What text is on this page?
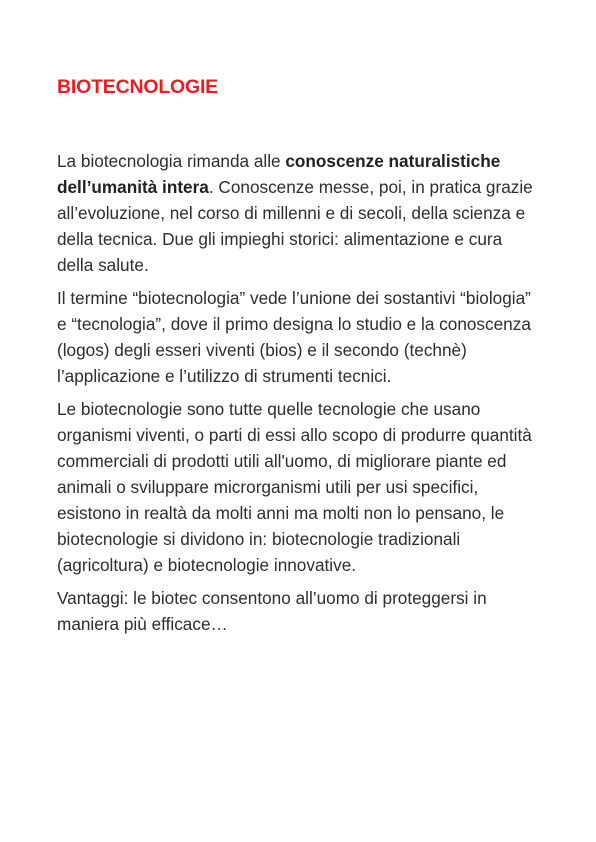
BIOTECNOLOGIE

La biotecnologia rimanda alle conoscenze naturalistiche dell’umanità intera. Conoscenze messe, poi, in pratica grazie all’evoluzione, nel corso di millenni e di secoli, della scienza e della tecnica. Due gli impieghi storici: alimentazione e cura della salute.

Il termine “biotecnologia” vede l’unione dei sostantivi “biologia” e “tecnologia”, dove il primo designa lo studio e la conoscenza (logos) degli esseri viventi (bios) e il secondo (technè) l’applicazione e l’utilizzo di strumenti tecnici.

Le biotecnologie sono tutte quelle tecnologie che usano organismi viventi, o parti di essi allo scopo di produrre quantità commerciali di prodotti utili all'uomo, di migliorare piante ed animali o sviluppare microrganismi utili per usi specifici, esistono in realtà da molti anni ma molti non lo pensano, le biotecnologie si dividono in: biotecnologie tradizionali (agricoltura) e biotecnologie innovative.

Vantaggi: le biotec consentono all’uomo di proteggersi in maniera più efficace…
